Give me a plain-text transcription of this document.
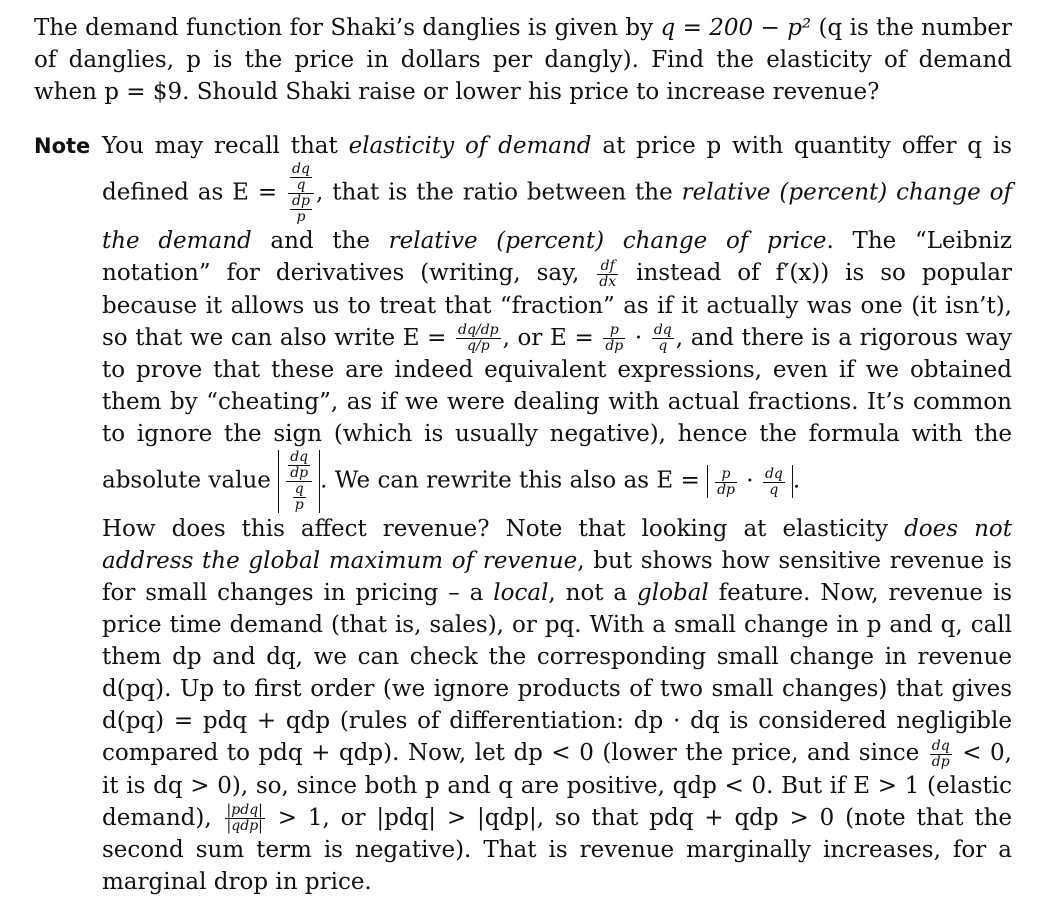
The demand function for Shaki’s danglies is given by q = 200 − p² (q is the number of danglies, p is the price in dollars per dangly). Find the elasticity of demand when p = $9. Should Shaki raise or lower his price to increase revenue?
Note You may recall that elasticity of demand at price p with quantity offer q is defined as $E = \frac{\frac{dq}{q}}{\frac{dp}{p}}$ , that is the ratio between the relative (percent) change of the demand and the relative (percent) change of price. The “Leibniz notation” for derivatives (writing, say, $\frac{df}{dx}$ instead of f′(x)) is so popular because it allows us to treat that “fraction” as if it actually was one (it isn’t), so that we can also write $E = \frac{dq/dp}{q/p}$ , or $E = \frac{p}{dp} \cdot \frac{dq}{q}$ , and there is a rigorous way to prove that these are indeed equivalent expressions, even if we obtained them by “cheating”, as if we were dealing with actual fractions. It’s common to ignore the sign (which is usually negative), hence the formula with the absolute value $\frac{\frac{dq}{dp}}{\frac{q}{p}}$ . We can rewrite this also as $E = \frac{p}{dp} \cdot \frac{dq}{q}$ .
How does this affect revenue? Note that looking at elasticity does not address the global maximum of revenue, but shows how sensitive revenue is for small changes in pricing – a local, not a global feature. Now, revenue is price time demand (that is, sales), or pq. With a small change in p and q, call them dp and dq, we can check the corresponding small change in revenue d(pq). Up to first order (we ignore products of two small changes) that gives d(pq) = pdq + qdp (rules of differentiation: dp · dq is considered negligible compared to pdq + qdp). Now, let dp < 0 (lower the price, and since $\frac{dq}{dp} < 0$, it is dq > 0), so, since both p and q are positive, qdp < 0. But if E > 1 (elastic demand), $\frac{\text{|pdq|}}{\text{|qdp|}} > 1$, or |pdq| > |qdp|, so that pdq + qdp > 0 (note that the second sum term is negative). That is revenue marginally increases, for a marginal drop in price.
